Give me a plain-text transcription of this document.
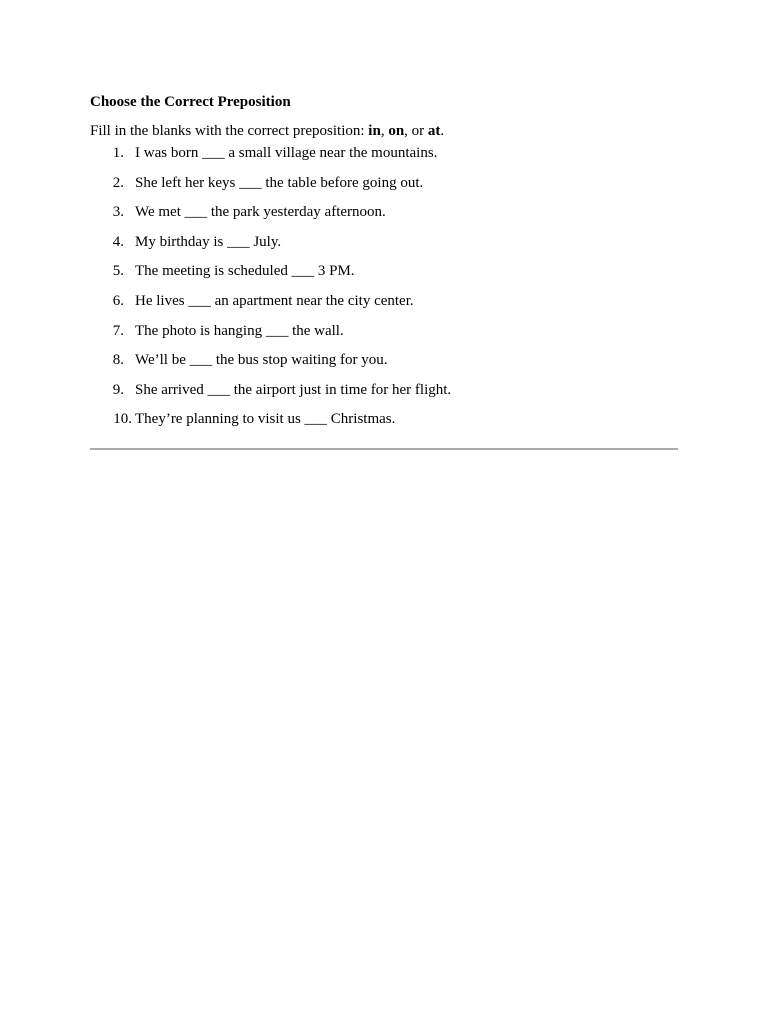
Choose the Correct Preposition

Fill in the blanks with the correct preposition: in, on, or at.

1. I was born ___ a small village near the mountains.
2. She left her keys ___ the table before going out.
3. We met ___ the park yesterday afternoon.
4. My birthday is ___ July.
5. The meeting is scheduled ___ 3 PM.
6. He lives ___ an apartment near the city center.
7. The photo is hanging ___ the wall.
8. We’ll be ___ the bus stop waiting for you.
9. She arrived ___ the airport just in time for her flight.
10. They’re planning to visit us ___ Christmas.
